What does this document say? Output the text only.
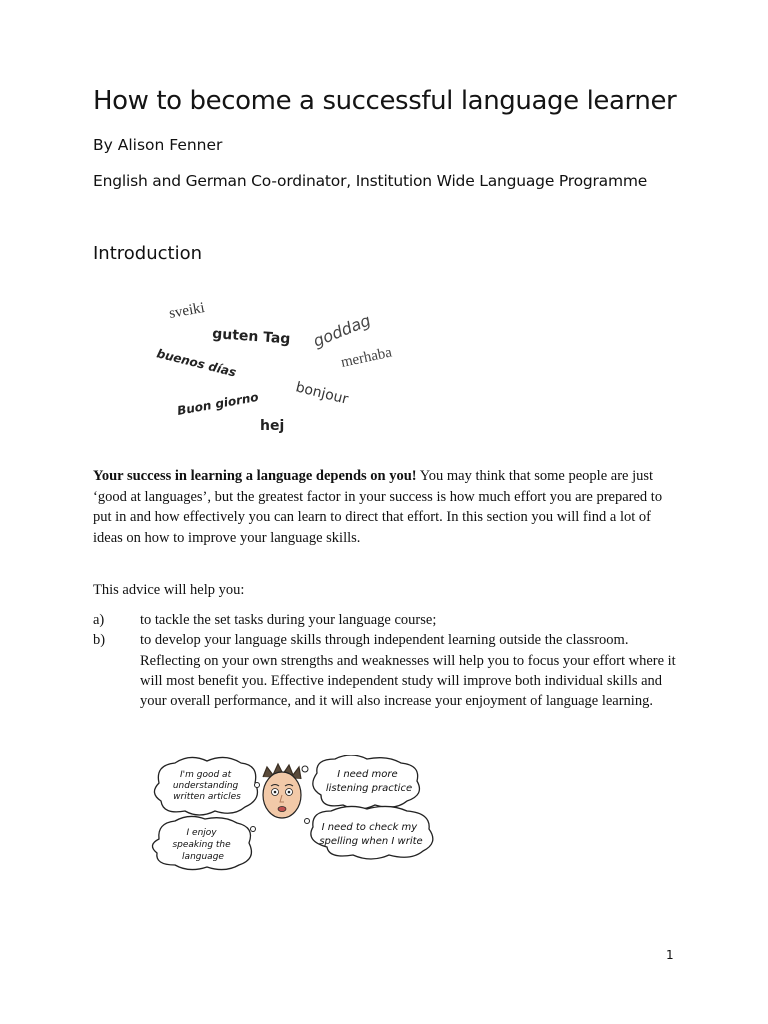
How to become a successful language learner

By Alison Fenner

English and German Co-ordinator, Institution Wide Language Programme

Introduction
sveiki
guten Tag goddag
buenos días	merhaba
bonjour
Buon giorno
hej

Your success in learning a language depends on you! You may think that some people are just ‘good at languages’, but the greatest factor in your success is how much effort you are prepared to put in and how effectively you can learn to direct that effort. In this section you will find a lot of ideas on how to improve your language skills.

This advice will help you:

a)	to tackle the set tasks during your language course;
b)	to develop your language skills through independent learning outside the classroom. Reflecting on your own strengths and weaknesses will help you to focus your effort where it will most benefit you. Effective independent study will improve both individual skills and your overall performance, and it will also increase your enjoyment of language learning.
I'm good at understanding written articles
I need more listening practice
I enjoy speaking the language
I need to check my spelling when I write
1
